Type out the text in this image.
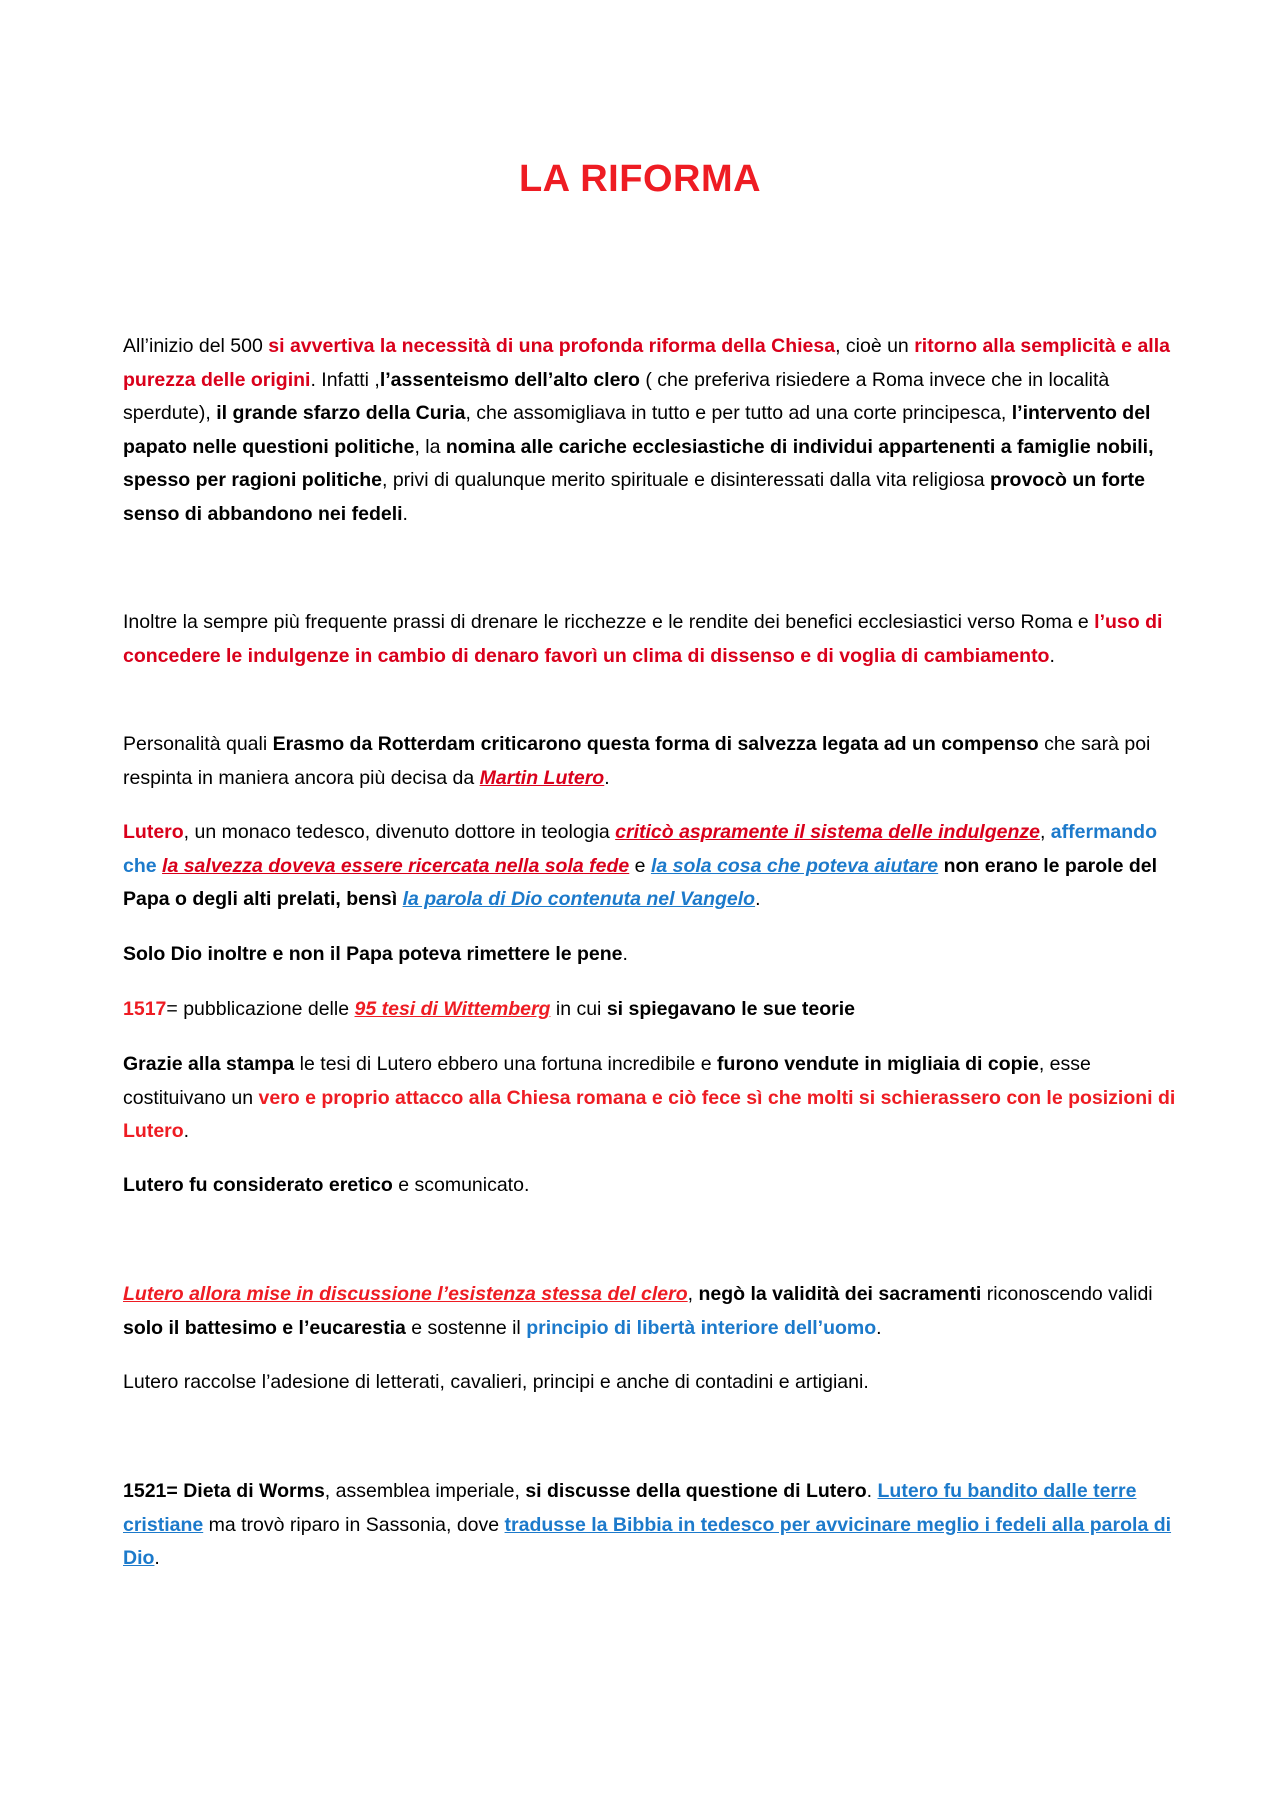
LA RIFORMA

All’inizio del 500 si avvertiva la necessità di una profonda riforma della Chiesa, cioè un ritorno alla semplicità e alla purezza delle origini. Infatti ,l’assenteismo dell’alto clero ( che preferiva risiedere a Roma invece che in località sperdute), il grande sfarzo della Curia, che assomigliava in tutto e per tutto ad una corte principesca, l’intervento del papato nelle questioni politiche, la nomina alle cariche ecclesiastiche di individui appartenenti a famiglie nobili, spesso per ragioni politiche, privi di qualunque merito spirituale e disinteressati dalla vita religiosa provocò un forte senso di abbandono nei fedeli.

Inoltre la sempre più frequente prassi di drenare le ricchezze e le rendite dei benefici ecclesiastici verso Roma e l’uso di concedere le indulgenze in cambio di denaro favorì un clima di dissenso e di voglia di cambiamento.

Personalità quali Erasmo da Rotterdam criticarono questa forma di salvezza legata ad un compenso che sarà poi respinta in maniera ancora più decisa da Martin Lutero.

Lutero, un monaco tedesco, divenuto dottore in teologia criticò aspramente il sistema delle indulgenze, affermando che la salvezza doveva essere ricercata nella sola fede e la sola cosa che poteva aiutare non erano le parole del Papa o degli alti prelati, bensì la parola di Dio contenuta nel Vangelo.

Solo Dio inoltre e non il Papa poteva rimettere le pene.

1517= pubblicazione delle 95 tesi di Wittemberg in cui si spiegavano le sue teorie

Grazie alla stampa le tesi di Lutero ebbero una fortuna incredibile e furono vendute in migliaia di copie, esse costituivano un vero e proprio attacco alla Chiesa romana e ciò fece sì che molti si schierassero con le posizioni di Lutero.

Lutero fu considerato eretico e scomunicato.

Lutero allora mise in discussione l’esistenza stessa del clero, negò la validità dei sacramenti riconoscendo validi solo il battesimo e l’eucarestia e sostenne il principio di libertà interiore dell’uomo.

Lutero raccolse l’adesione di letterati, cavalieri, principi e anche di contadini e artigiani.

1521= Dieta di Worms, assemblea imperiale, si discusse della questione di Lutero. Lutero fu bandito dalle terre cristiane ma trovò riparo in Sassonia, dove tradusse la Bibbia in tedesco per avvicinare meglio i fedeli alla parola di Dio.
